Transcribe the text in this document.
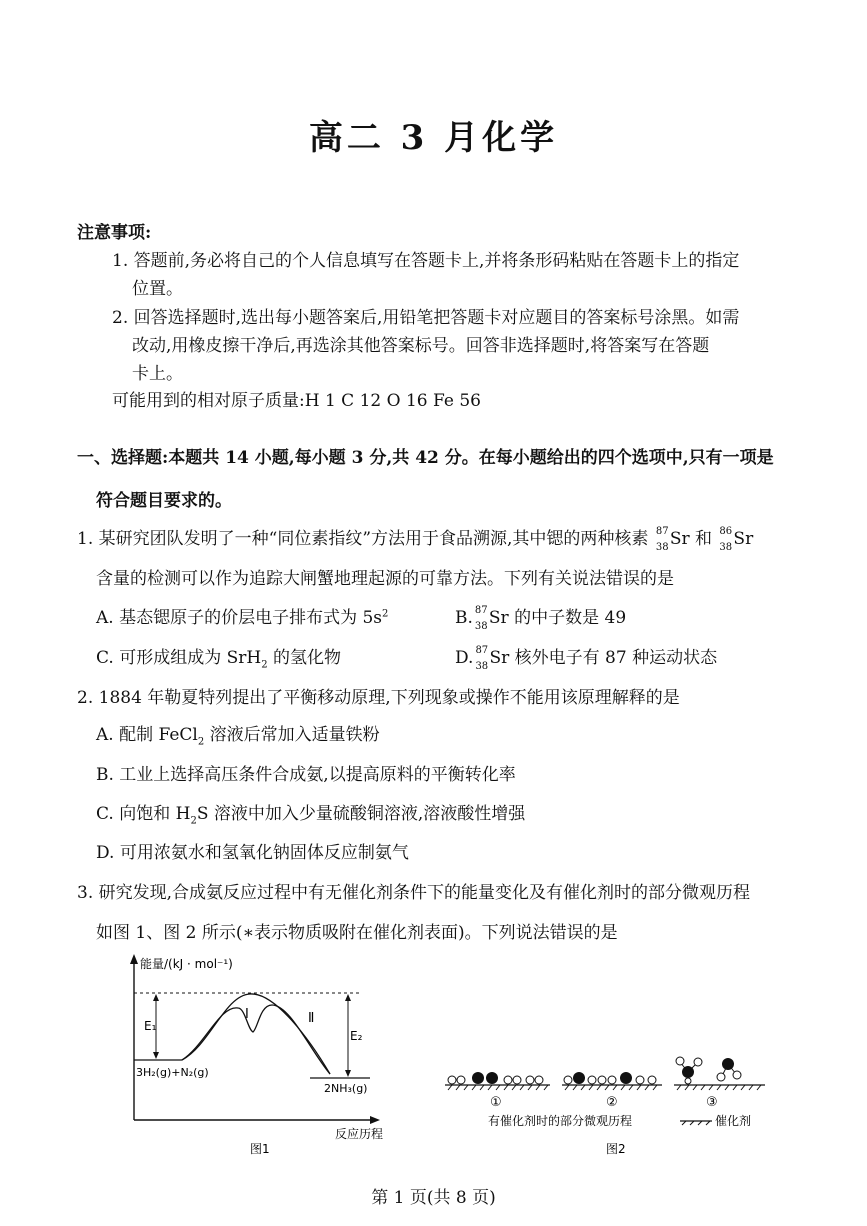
高二 3 月化学
注意事项:
1. 答题前,务必将自己的个人信息填写在答题卡上,并将条形码粘贴在答题卡上的指定
位置。
2. 回答选择题时,选出每小题答案后,用铅笔把答题卡对应题目的答案标号涂黑。如需
改动,用橡皮擦干净后,再选涂其他答案标号。回答非选择题时,将答案写在答题
卡上。
可能用到的相对原子质量:H 1 C 12 O 16 Fe 56
一、选择题:本题共 14 小题,每小题 3 分,共 42 分。在每小题给出的四个选项中,只有一项是
符合题目要求的。
1. 某研究团队发明了一种“同位素指纹”方法用于食品溯源,其中锶的两种核素 87
38 Sr 和 86
38 Sr
含量的检测可以作为追踪大闸蟹地理起源的可靠方法。下列有关说法错误的是
A. 基态锶原子的价层电子排布式为 $5s^2$	B. 87
38 Sr 的中子数是 49
C. 可形成组成为 SrH$_2$ 的氢化物	D. 87
38 Sr 核外电子有 87 种运动状态
2. 1884 年勒夏特列提出了平衡移动原理,下列现象或操作不能用该原理解释的是
A. 配制 FeCl$_2$ 溶液后常加入适量铁粉
B. 工业上选择高压条件合成氨,以提高原料的平衡转化率
C. 向饱和 $H_2S$ 溶液中加入少量硫酸铜溶液,溶液酸性增强
D. 可用浓氨水和氢氧化钠固体反应制氨气
3. 研究发现,合成氨反应过程中有无催化剂条件下的能量变化及有催化剂时的部分微观历程
如图 1、图 2 所示(∗表示物质吸附在催化剂表面)。下列说法错误的是
能量/(kJ · mol⁻¹)
反应历程
E₁
E₂
Ⅰ	Ⅱ
3H₂(g)+N₂(g)
2NH₃(g)
图1
①	②	③
有催化剂时的部分微观历程	催化剂
图2
第 1 页(共 8 页)
